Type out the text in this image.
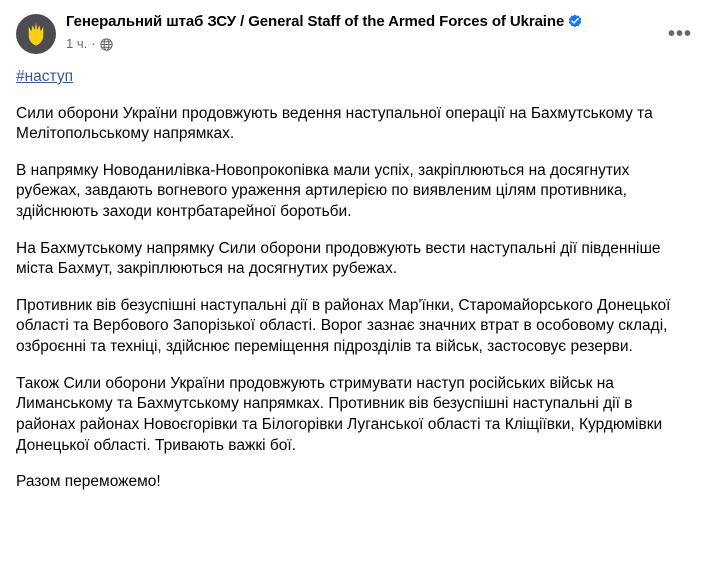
Генеральний штаб ЗСУ / General Staff of the Armed Forces of Ukraine
1 ч. ·	•••

#наступ

Сили оборони України продовжують ведення наступальної операції на Бахмутському та Мелітопольському напрямках.

В напрямку Новоданилівка-Новопрокопівка мали успіх, закріплюються на досягнутих рубежах, завдають вогневого ураження артилерією по виявленим цілям противника, здійснюють заходи контрбатарейної боротьби.

На Бахмутському напрямку Сили оборони продовжують вести наступальні дії південніше міста Бахмут, закріплюються на досягнутих рубежах.

Противник вів безуспішні наступальні дії в районах Мар'їнки, Старомайорського Донецької області та Вербового Запорізької області. Ворог зазнає значних втрат в особовому складі, озброєнні та техніці, здійснює переміщення підрозділів та військ, застосовує резерви.

Також Сили оборони України продовжують стримувати наступ російських військ на Лиманському та Бахмутському напрямках. Противник вів безуспішні наступальні дії в районах районах Новоєгорівки та Білогорівки Луганської області та Кліщіївки, Курдюмівки Донецької області. Тривають важкі бої.

Разом переможемо!
